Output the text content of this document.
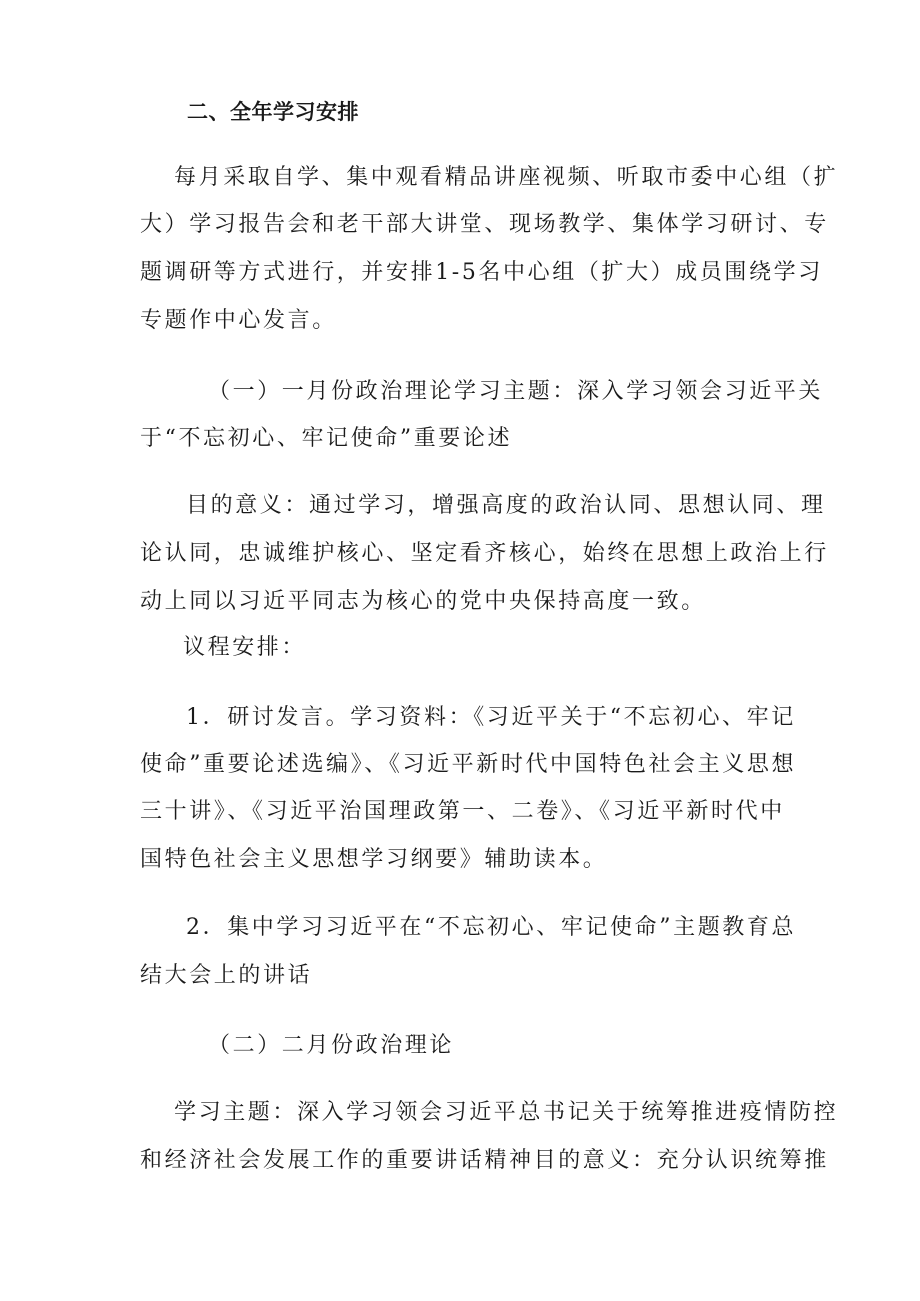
二、全年学习安排
每月采取自学、集中观看精品讲座视频、听取市委中心组（扩
大）学习报告会和老干部大讲堂、现场教学、集体学习研讨、专
题调研等方式进行，并安排1-5名中心组（扩大）成员围绕学习
专题作中心发言。
（一）一月份政治理论学习主题：深入学习领会习近平关
于“不忘初心、牢记使命”重要论述
目的意义：通过学习，增强高度的政治认同、思想认同、理
论认同，忠诚维护核心、坚定看齐核心，始终在思想上政治上行
动上同以习近平同志为核心的党中央保持高度一致。
议程安排：
1．研讨发言。学习资料：《习近平关于“不忘初心、牢记
使命”重要论述选编》、《习近平新时代中国特色社会主义思想
三十讲》、《习近平治国理政第一、二卷》、《习近平新时代中
国特色社会主义思想学习纲要》辅助读本。
2．集中学习习近平在“不忘初心、牢记使命”主题教育总
结大会上的讲话
（二）二月份政治理论
学习主题：深入学习领会习近平总书记关于统筹推进疫情防控
和经济社会发展工作的重要讲话精神目的意义：充分认识统筹推
